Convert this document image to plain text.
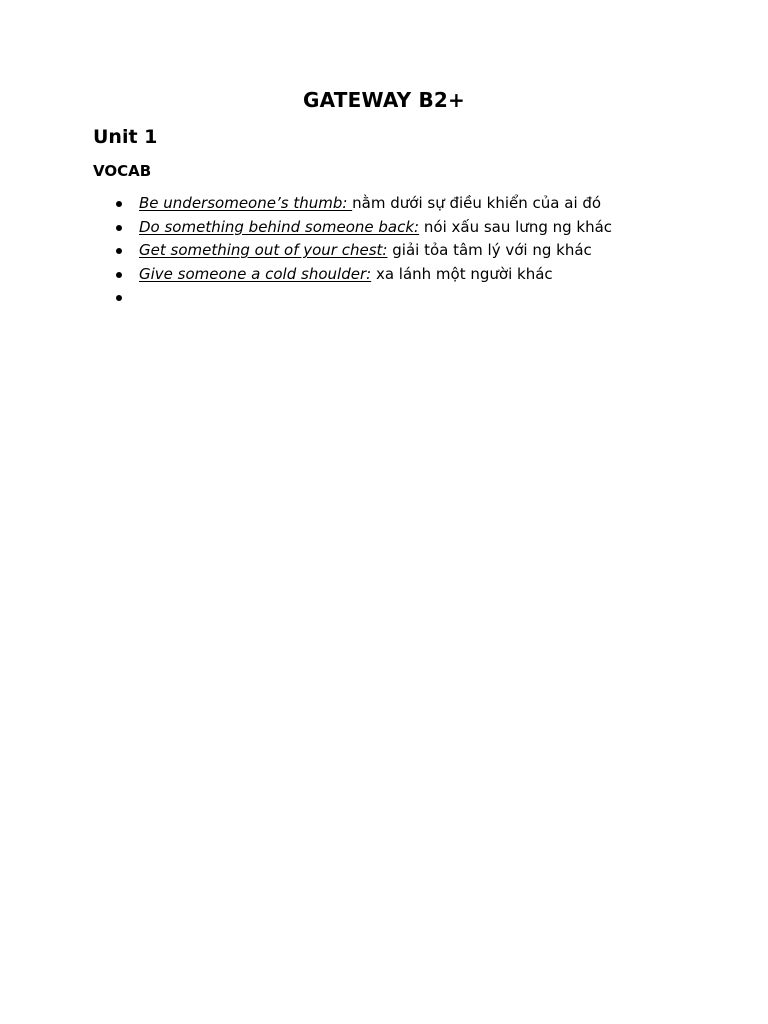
GATEWAY B2+
Unit 1
VOCAB
Be undersomeone’s thumb: nằm dưới sự điều khiển của ai đó
Do something behind someone back: nói xấu sau lưng ng khác
Get something out of your chest: giải tỏa tâm lý với ng khác
Give someone a cold shoulder: xa lánh một người khác
